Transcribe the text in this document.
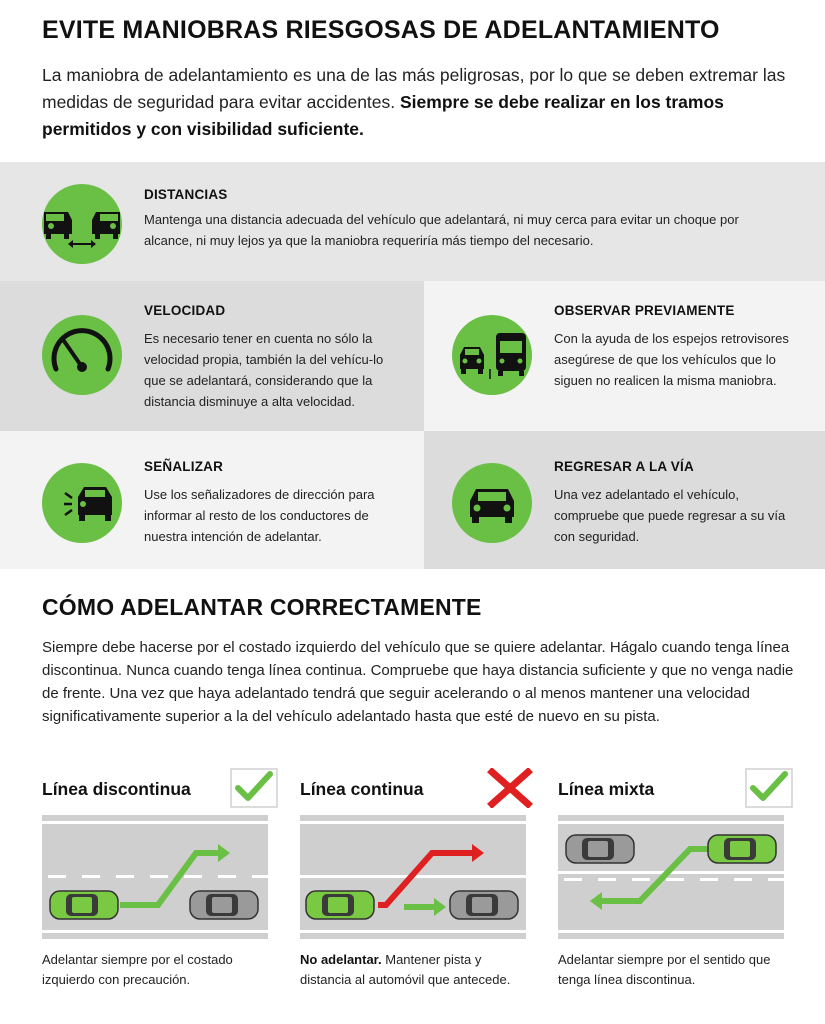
EVITE MANIOBRAS RIESGOSAS DE ADELANTAMIENTO
La maniobra de adelantamiento es una de las más peligrosas, por lo que se deben extremar las medidas de seguridad para evitar accidentes. Siempre se debe realizar en los tramos permitidos y con visibilidad suficiente.
DISTANCIAS
Mantenga una distancia adecuada del vehículo que adelantará, ni muy cerca para evitar un choque por alcance, ni muy lejos ya que la maniobra requeriría más tiempo del necesario.
VELOCIDAD
Es necesario tener en cuenta no sólo la velocidad propia, también la del vehícu-lo que se adelantará, considerando que la distancia disminuye a alta velocidad.
OBSERVAR PREVIAMENTE
Con la ayuda de los espejos retrovisores asegúrese de que los vehículos que lo siguen no realicen la misma maniobra.
SEÑALIZAR
Use los señalizadores de dirección para informar al resto de los conductores de nuestra intención de adelantar.
REGRESAR A LA VÍA
Una vez adelantado el vehículo, compruebe que puede regresar a su vía con seguridad.
CÓMO ADELANTAR CORRECTAMENTE
Siempre debe hacerse por el costado izquierdo del vehículo que se quiere adelantar. Hágalo cuando tenga línea discontinua. Nunca cuando tenga línea continua. Compruebe que haya distancia suficiente y que no venga nadie de frente. Una vez que haya adelantado tendrá que seguir acelerando o al menos mantener una velocidad significativamente superior a la del vehículo adelantado hasta que esté de nuevo en su pista.
Línea discontinua
Adelantar siempre por el costado izquierdo con precaución.
Línea continua
No adelantar. Mantener pista y distancia al automóvil que antecede.
Línea mixta
Adelantar siempre por el sentido que tenga línea discontinua.
